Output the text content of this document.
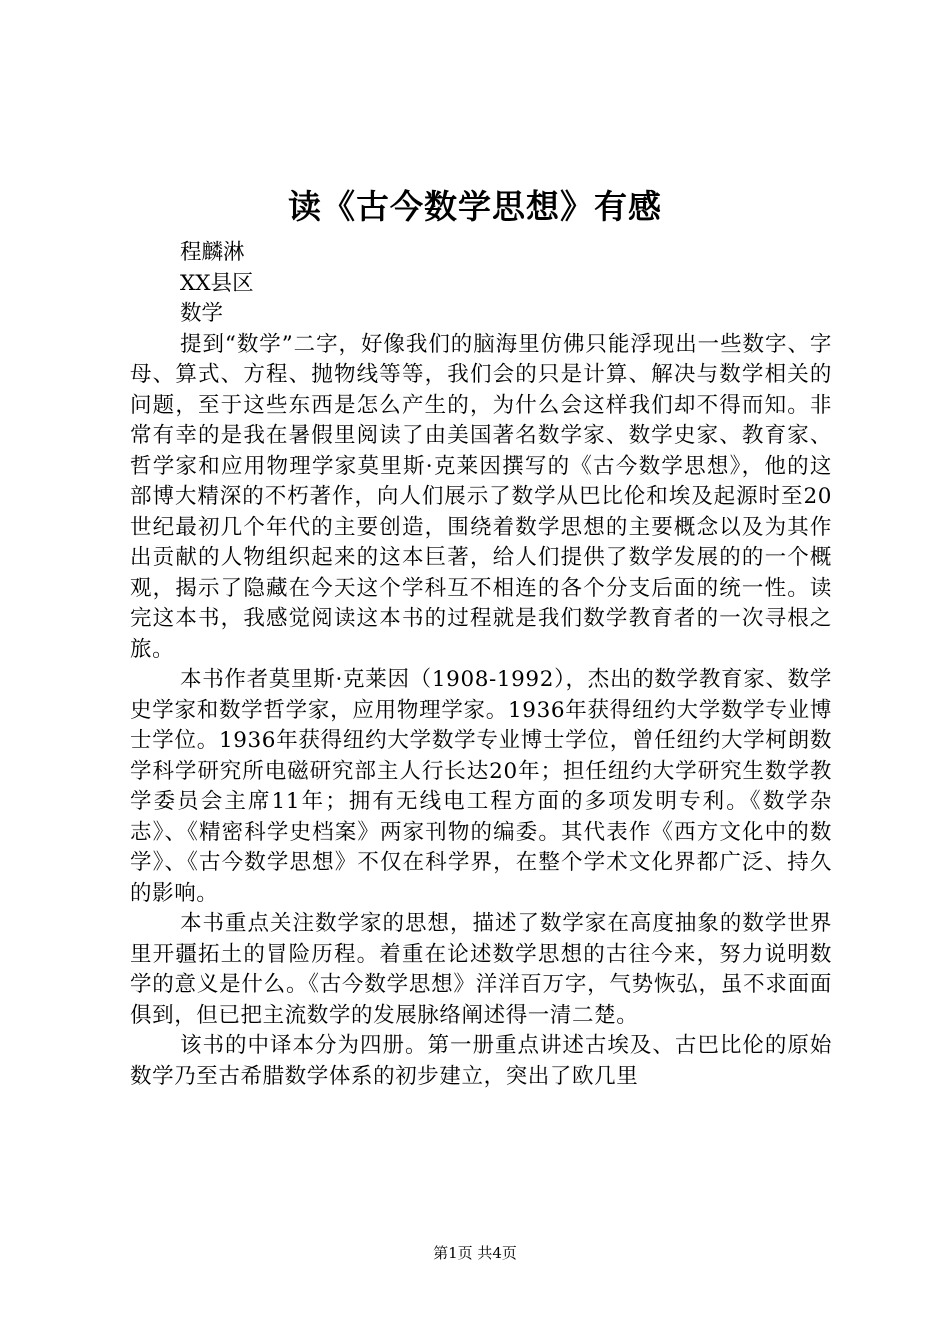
读《古今数学思想》有感

程麟淋

XX县区

数学

提到“数学”二字，好像我们的脑海里仿佛只能浮现出一些数字、字母、算式、方程、抛物线等等，我们会的只是计算、解决与数学相关的问题，至于这些东西是怎么产生的，为什么会这样我们却不得而知。非常有幸的是我在暑假里阅读了由美国著名数学家、数学史家、教育家、哲学家和应用物理学家莫里斯·克莱因撰写的《古今数学思想》，他的这部博大精深的不朽著作，向人们展示了数学从巴比伦和埃及起源时至20世纪最初几个年代的主要创造，围绕着数学思想的主要概念以及为其作出贡献的人物组织起来的这本巨著，给人们提供了数学发展的的一个概观，揭示了隐藏在今天这个学科互不相连的各个分支后面的统一性。读完这本书，我感觉阅读这本书的过程就是我们数学教育者的一次寻根之旅。

本书作者莫里斯·克莱因（1908-1992），杰出的数学教育家、数学史学家和数学哲学家，应用物理学家。1936年获得纽约大学数学专业博士学位。1936年获得纽约大学数学专业博士学位，曾任纽约大学柯朗数学科学研究所电磁研究部主人行长达20年；担任纽约大学研究生数学教学委员会主席11年；拥有无线电工程方面的多项发明专利。《数学杂志》、《精密科学史档案》两家刊物的编委。其代表作《西方文化中的数学》、《古今数学思想》不仅在科学界，在整个学术文化界都广泛、持久的影响。

本书重点关注数学家的思想，描述了数学家在高度抽象的数学世界里开疆拓土的冒险历程。着重在论述数学思想的古往今来，努力说明数学的意义是什么。《古今数学思想》洋洋百万字，气势恢弘，虽不求面面俱到，但已把主流数学的发展脉络阐述得一清二楚。

该书的中译本分为四册。第一册重点讲述古埃及、古巴比伦的原始数学乃至古希腊数学体系的初步建立，突出了欧几里

第1页 共4页
